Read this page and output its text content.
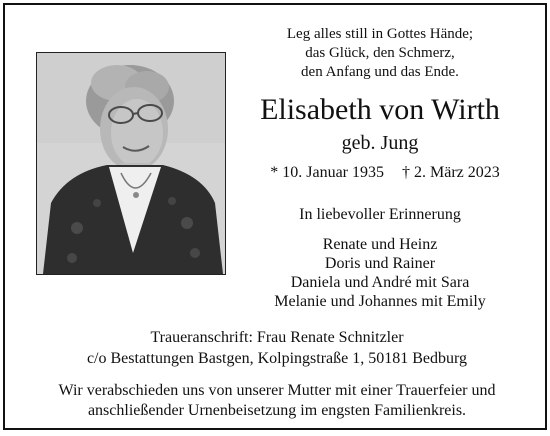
Leg alles still in Gottes Hände;
das Glück, den Schmerz,
den Anfang und das Ende.
Elisabeth von Wirth
geb. Jung
* 10. Januar 1935 † 2. März 2023
In liebevoller Erinnerung
Renate und Heinz
Doris und Rainer
Daniela und André mit Sara
Melanie und Johannes mit Emily
Traueranschrift: Frau Renate Schnitzler
c/o Bestattungen Bastgen, Kolpingstraße 1, 50181 Bedburg
Wir verabschieden uns von unserer Mutter mit einer Trauerfeier und
anschließender Urnenbeisetzung im engsten Familienkreis.
